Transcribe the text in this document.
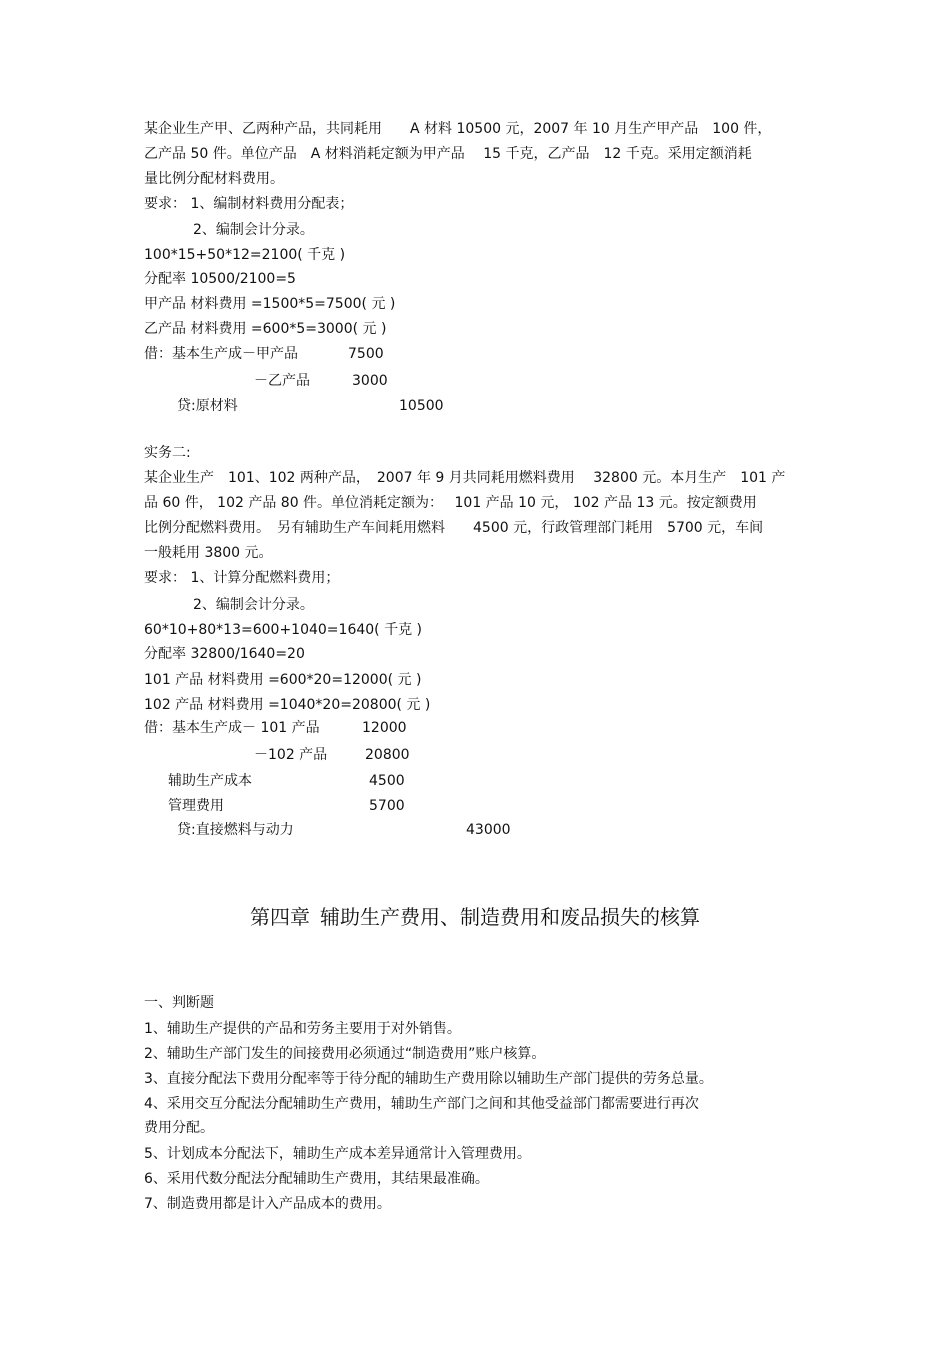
某企业生产甲、乙两种产品，共同耗用　　A 材料 10500 元，2007 年 10 月生产甲产品　100 件，
乙产品 50 件。单位产品　A 材料消耗定额为甲产品　 15 千克，乙产品　12 千克。采用定额消耗
量比例分配材料费用。
要求： 1、编制材料费用分配表；
2、编制会计分录。
100*15+50*12=2100( 千克 )
分配率 10500/2100=5
甲产品 材料费用 =1500*5=7500( 元 )
乙产品 材料费用 =600*5=3000( 元 )
借：基本生产成－甲产品	7500
－乙产品	3000
贷:原材料	10500
实务二:
某企业生产　101、102 两种产品，　2007 年 9 月共同耗用燃料费用　 32800 元。本月生产　101 产
品 60 件， 102 产品 80 件。单位消耗定额为：　 101 产品 10 元， 102 产品 13 元。按定额费用
比例分配燃料费用。　另有辅助生产车间耗用燃料　　4500 元，行政管理部门耗用　5700 元，车间
一般耗用 3800 元。
要求： 1、计算分配燃料费用；
2、编制会计分录。
60*10+80*13=600+1040=1640( 千克 )
分配率 32800/1640=20
101 产品 材料费用 =600*20=12000( 元 )
102 产品 材料费用 =1040*20=20800( 元 )
借：基本生产成－ 101 产品	12000
－102 产品	20800
辅助生产成本	4500
管理费用	5700
贷:直接燃料与动力	43000
第四章 辅助生产费用、制造费用和废品损失的核算
一、判断题
1、辅助生产提供的产品和劳务主要用于对外销售。
2、辅助生产部门发生的间接费用必须通过“制造费用”账户核算。
3、直接分配法下费用分配率等于待分配的辅助生产费用除以辅助生产部门提供的劳务总量。
4、采用交互分配法分配辅助生产费用，辅助生产部门之间和其他受益部门都需要进行再次
费用分配。
5、计划成本分配法下，辅助生产成本差异通常计入管理费用。
6、采用代数分配法分配辅助生产费用，其结果最准确。
7、制造费用都是计入产品成本的费用。
